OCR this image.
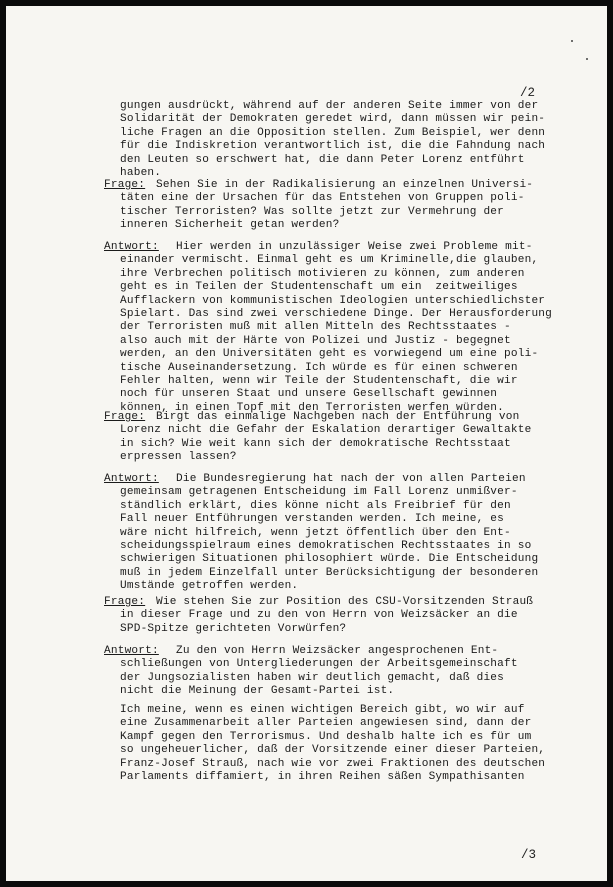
/2
/3
gungen ausdrückt, während auf der anderen Seite immer von der
Solidarität der Demokraten geredet wird, dann müssen wir pein-
liche Fragen an die Opposition stellen. Zum Beispiel, wer denn
für die Indiskretion verantwortlich ist, die die Fahndung nach
den Leuten so erschwert hat, die dann Peter Lorenz entführt
haben.
Frage: Sehen Sie in der Radikalisierung an einzelnen Universi-
täten eine der Ursachen für das Entstehen von Gruppen poli-
tischer Terroristen? Was sollte jetzt zur Vermehrung der
inneren Sicherheit getan werden?
Antwort: Hier werden in unzulässiger Weise zwei Probleme mit-
einander vermischt. Einmal geht es um Kriminelle,die glauben,
ihre Verbrechen politisch motivieren zu können, zum anderen
geht es in Teilen der Studentenschaft um ein  zeitweiliges
Aufflackern von kommunistischen Ideologien unterschiedlichster
Spielart. Das sind zwei verschiedene Dinge. Der Herausforderung
der Terroristen muß mit allen Mitteln des Rechtsstaates -
also auch mit der Härte von Polizei und Justiz - begegnet
werden, an den Universitäten geht es vorwiegend um eine poli-
tische Auseinandersetzung. Ich würde es für einen schweren
Fehler halten, wenn wir Teile der Studentenschaft, die wir
noch für unseren Staat und unsere Gesellschaft gewinnen
können, in einen Topf mit den Terroristen werfen würden.
Frage: Birgt das einmalige Nachgeben nach der Entführung von
Lorenz nicht die Gefahr der Eskalation derartiger Gewaltakte
in sich? Wie weit kann sich der demokratische Rechtsstaat
erpressen lassen?
Antwort: Die Bundesregierung hat nach der von allen Parteien
gemeinsam getragenen Entscheidung im Fall Lorenz unmißver-
ständlich erklärt, dies könne nicht als Freibrief für den
Fall neuer Entführungen verstanden werden. Ich meine, es
wäre nicht hilfreich, wenn jetzt öffentlich über den Ent-
scheidungsspielraum eines demokratischen Rechtsstaates in so
schwierigen Situationen philosophiert würde. Die Entscheidung
muß in jedem Einzelfall unter Berücksichtigung der besonderen
Umstände getroffen werden.
Frage: Wie stehen Sie zur Position des CSU-Vorsitzenden Strauß
in dieser Frage und zu den von Herrn von Weizsäcker an die
SPD-Spitze gerichteten Vorwürfen?
Antwort: Zu den von Herrn Weizsäcker angesprochenen Ent-
schließungen von Untergliederungen der Arbeitsgemeinschaft
der Jungsozialisten haben wir deutlich gemacht, daß dies
nicht die Meinung der Gesamt-Partei ist.
Ich meine, wenn es einen wichtigen Bereich gibt, wo wir auf
eine Zusammenarbeit aller Parteien angewiesen sind, dann der
Kampf gegen den Terrorismus. Und deshalb halte ich es für um
so ungeheuerlicher, daß der Vorsitzende einer dieser Parteien,
Franz-Josef Strauß, nach wie vor zwei Fraktionen des deutschen
Parlaments diffamiert, in ihren Reihen säßen Sympathisanten
